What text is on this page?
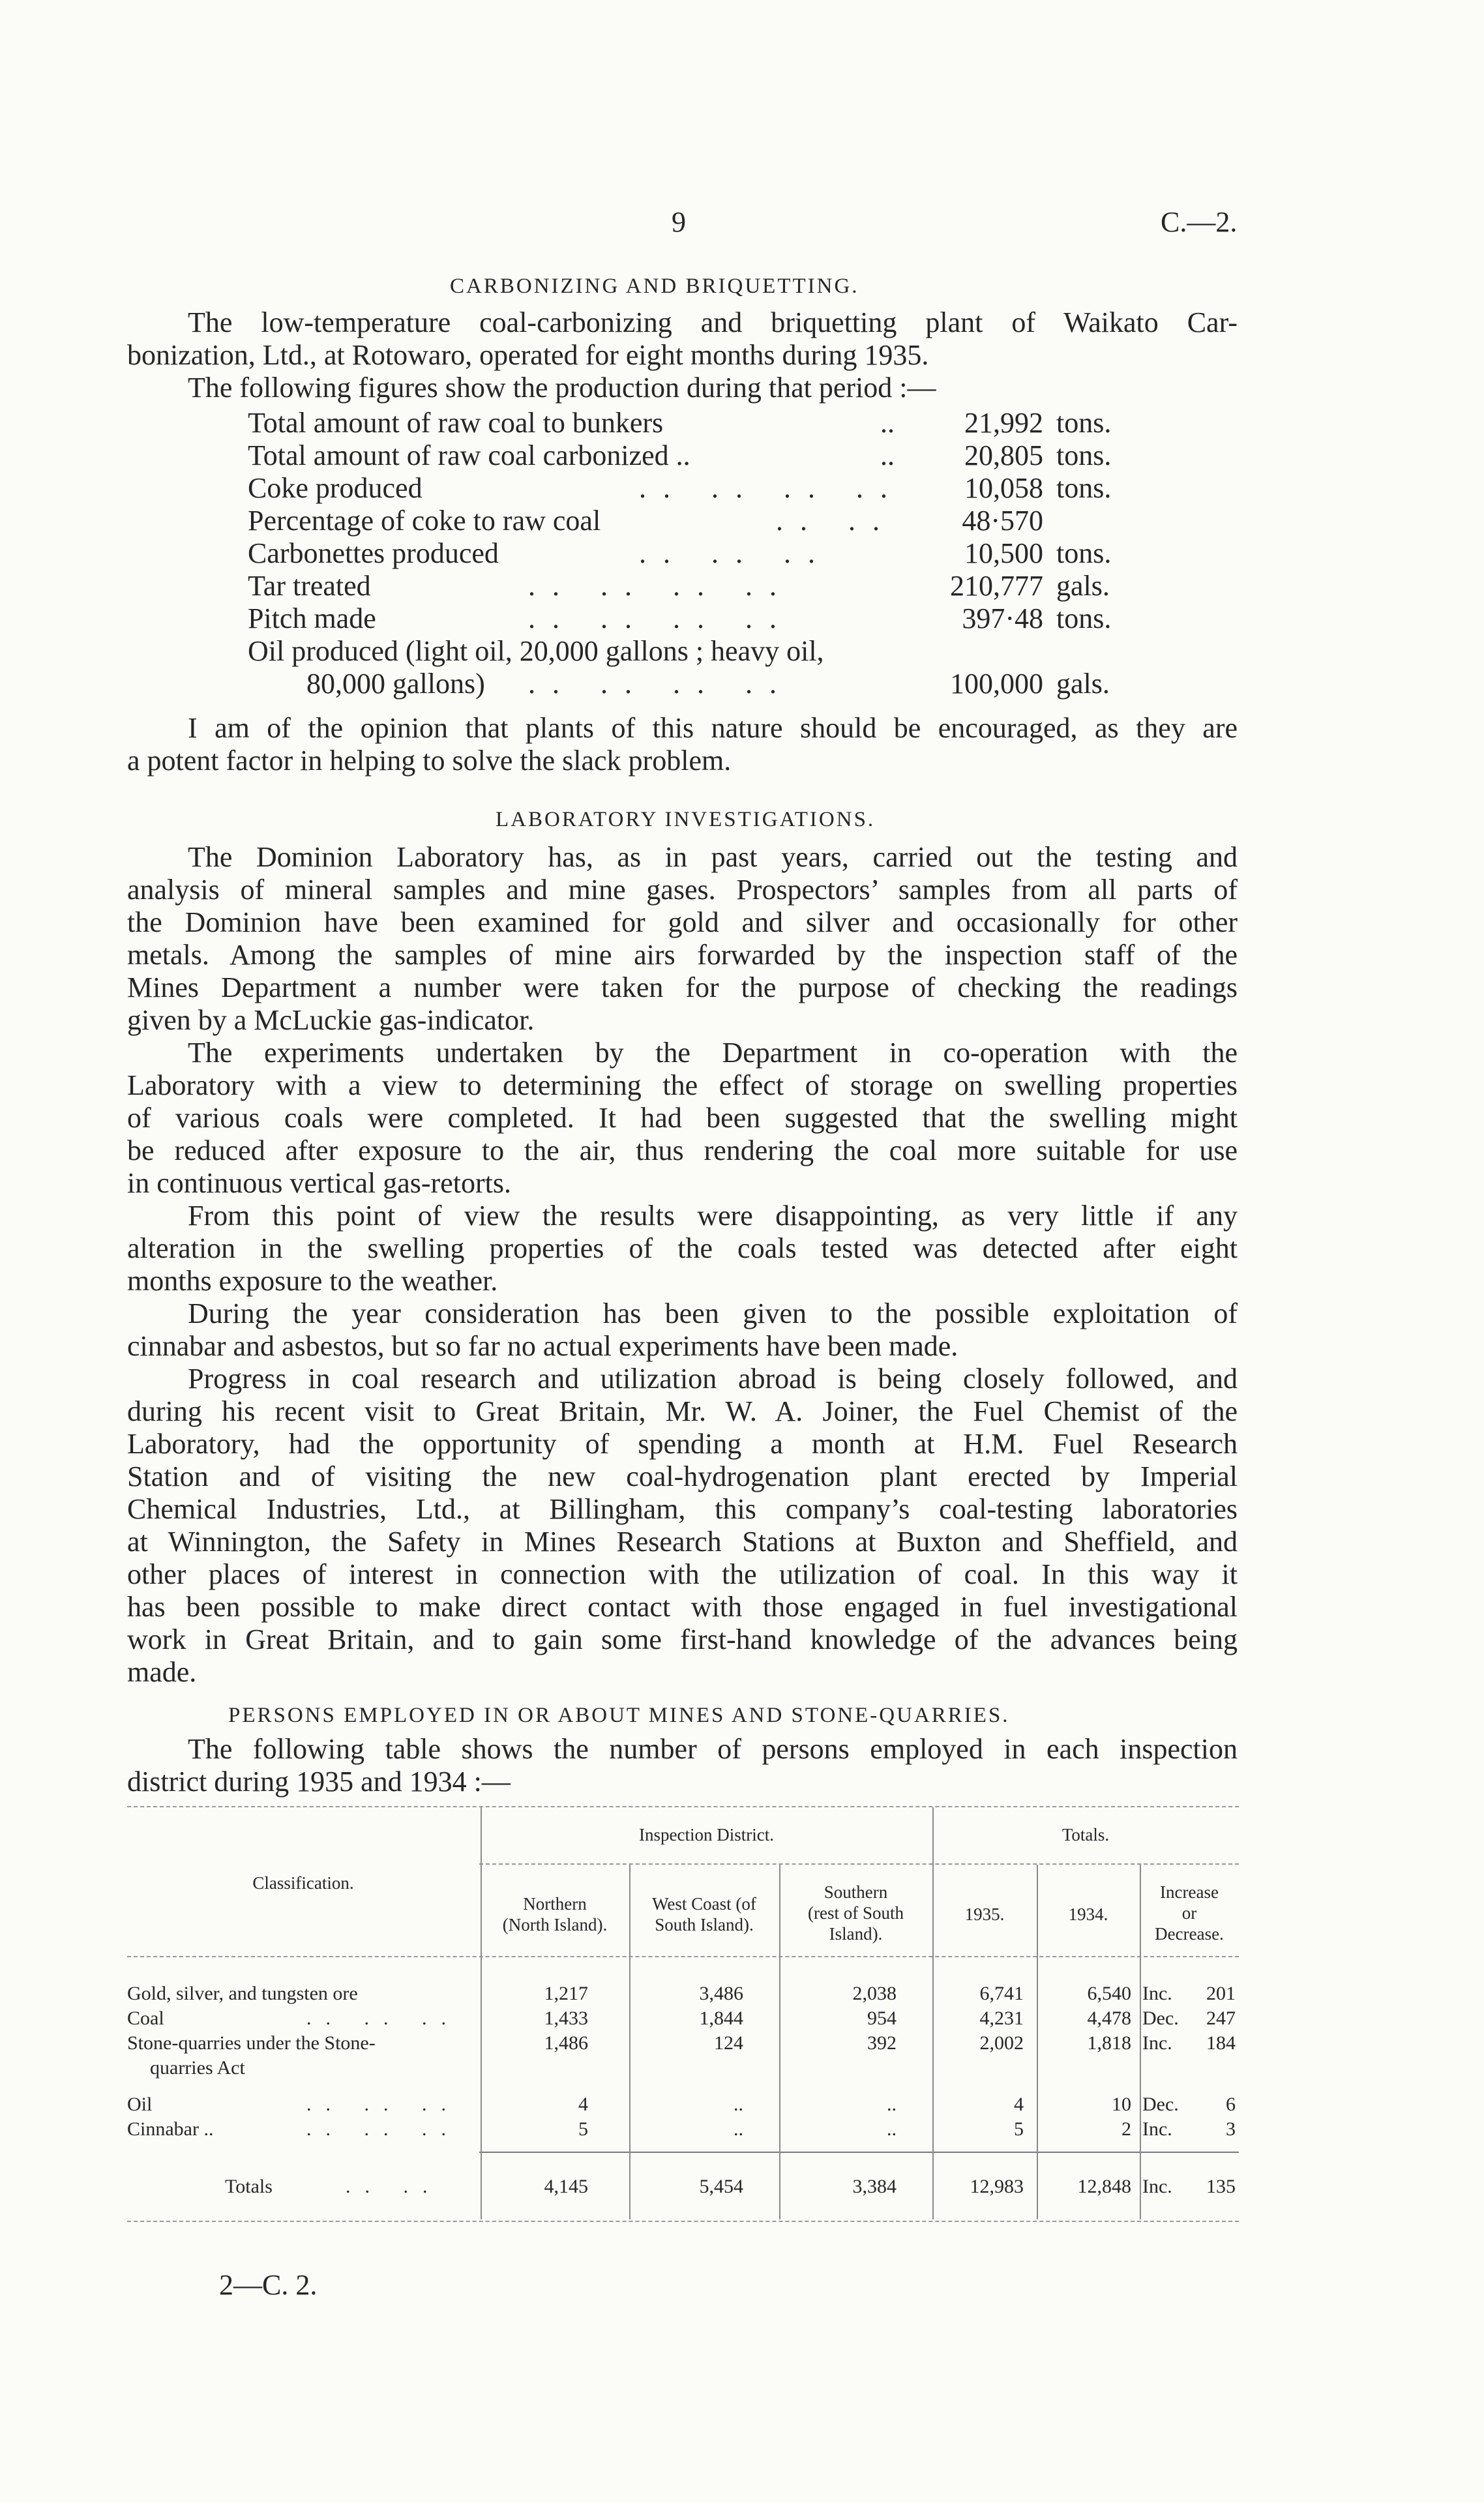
9	C.—2.
CARBONIZING AND BRIQUETTING.
The low-temperature coal-carbonizing and briquetting plant of Waikato Car-
bonization, Ltd., at Rotowaro, operated for eight months during 1935.
The following figures show the production during that period :—
Total amount of raw coal to bunkers	..	21,992 tons.
Total amount of raw coal carbonized ..	..	20,805 tons.
Coke produced	.. .. .. ..	10,058 tons.
Percentage of coke to raw coal	.. ..	48·570
Carbonettes produced	.. .. ..	10,500 tons.
Tar treated	.. .. .. ..	210,777 gals.
Pitch made	.. .. .. ..	397·48 tons.
Oil produced (light oil, 20,000 gallons ; heavy oil,
80,000 gallons) .. .. .. ..	100,000 gals.
I am of the opinion that plants of this nature should be encouraged, as they are
a potent factor in helping to solve the slack problem.
LABORATORY INVESTIGATIONS.
The Dominion Laboratory has, as in past years, carried out the testing and
analysis of mineral samples and mine gases. Prospectors’ samples from all parts of
the Dominion have been examined for gold and silver and occasionally for other
metals. Among the samples of mine airs forwarded by the inspection staff of the
Mines Department a number were taken for the purpose of checking the readings
given by a McLuckie gas-indicator.
The experiments undertaken by the Department in co-operation with the
Laboratory with a view to determining the effect of storage on swelling properties
of various coals were completed. It had been suggested that the swelling might
be reduced after exposure to the air, thus rendering the coal more suitable for use
in continuous vertical gas-retorts.
From this point of view the results were disappointing, as very little if any
alteration in the swelling properties of the coals tested was detected after eight
months exposure to the weather.
During the year consideration has been given to the possible exploitation of
cinnabar and asbestos, but so far no actual experiments have been made.
Progress in coal research and utilization abroad is being closely followed, and
during his recent visit to Great Britain, Mr. W. A. Joiner, the Fuel Chemist of the
Laboratory, had the opportunity of spending a month at H.M. Fuel Research
Station and of visiting the new coal-hydrogenation plant erected by Imperial
Chemical Industries, Ltd., at Billingham, this company’s coal-testing laboratories
at Winnington, the Safety in Mines Research Stations at Buxton and Sheffield, and
other places of interest in connection with the utilization of coal. In this way it
has been possible to make direct contact with those engaged in fuel investigational
work in Great Britain, and to gain some first-hand knowledge of the advances being
made.
PERSONS EMPLOYED IN OR ABOUT MINES AND STONE-QUARRIES.
The following table shows the number of persons employed in each inspection
district during 1935 and 1934 :—
Inspection District.	Totals.
Classification.
Northern
(North Island).
West Coast (of
South Island).
Southern
(rest of South
Island).
1935.	1934.
Increase
or
Decrease.
Gold, silver, and tungsten ore	1,217	3,486	2,038	6,741	6,540 Inc.	201
Coal	.. .. ..	1,433	1,844	954	4,231	4,478 Dec.	247
Stone-quarries under the Stone-
quarries Act
1,486	124	392	2,002	1,818 Inc.	184
Oil	.. .. ..	4	..	..	4	10 Dec.	6
Cinnabar ..	.. .. ..	5	..	..	5	2 Inc.	3
Totals	.. ..	4,145	5,454	3,384	12,983	12,848 Inc.	135
2—C. 2.
